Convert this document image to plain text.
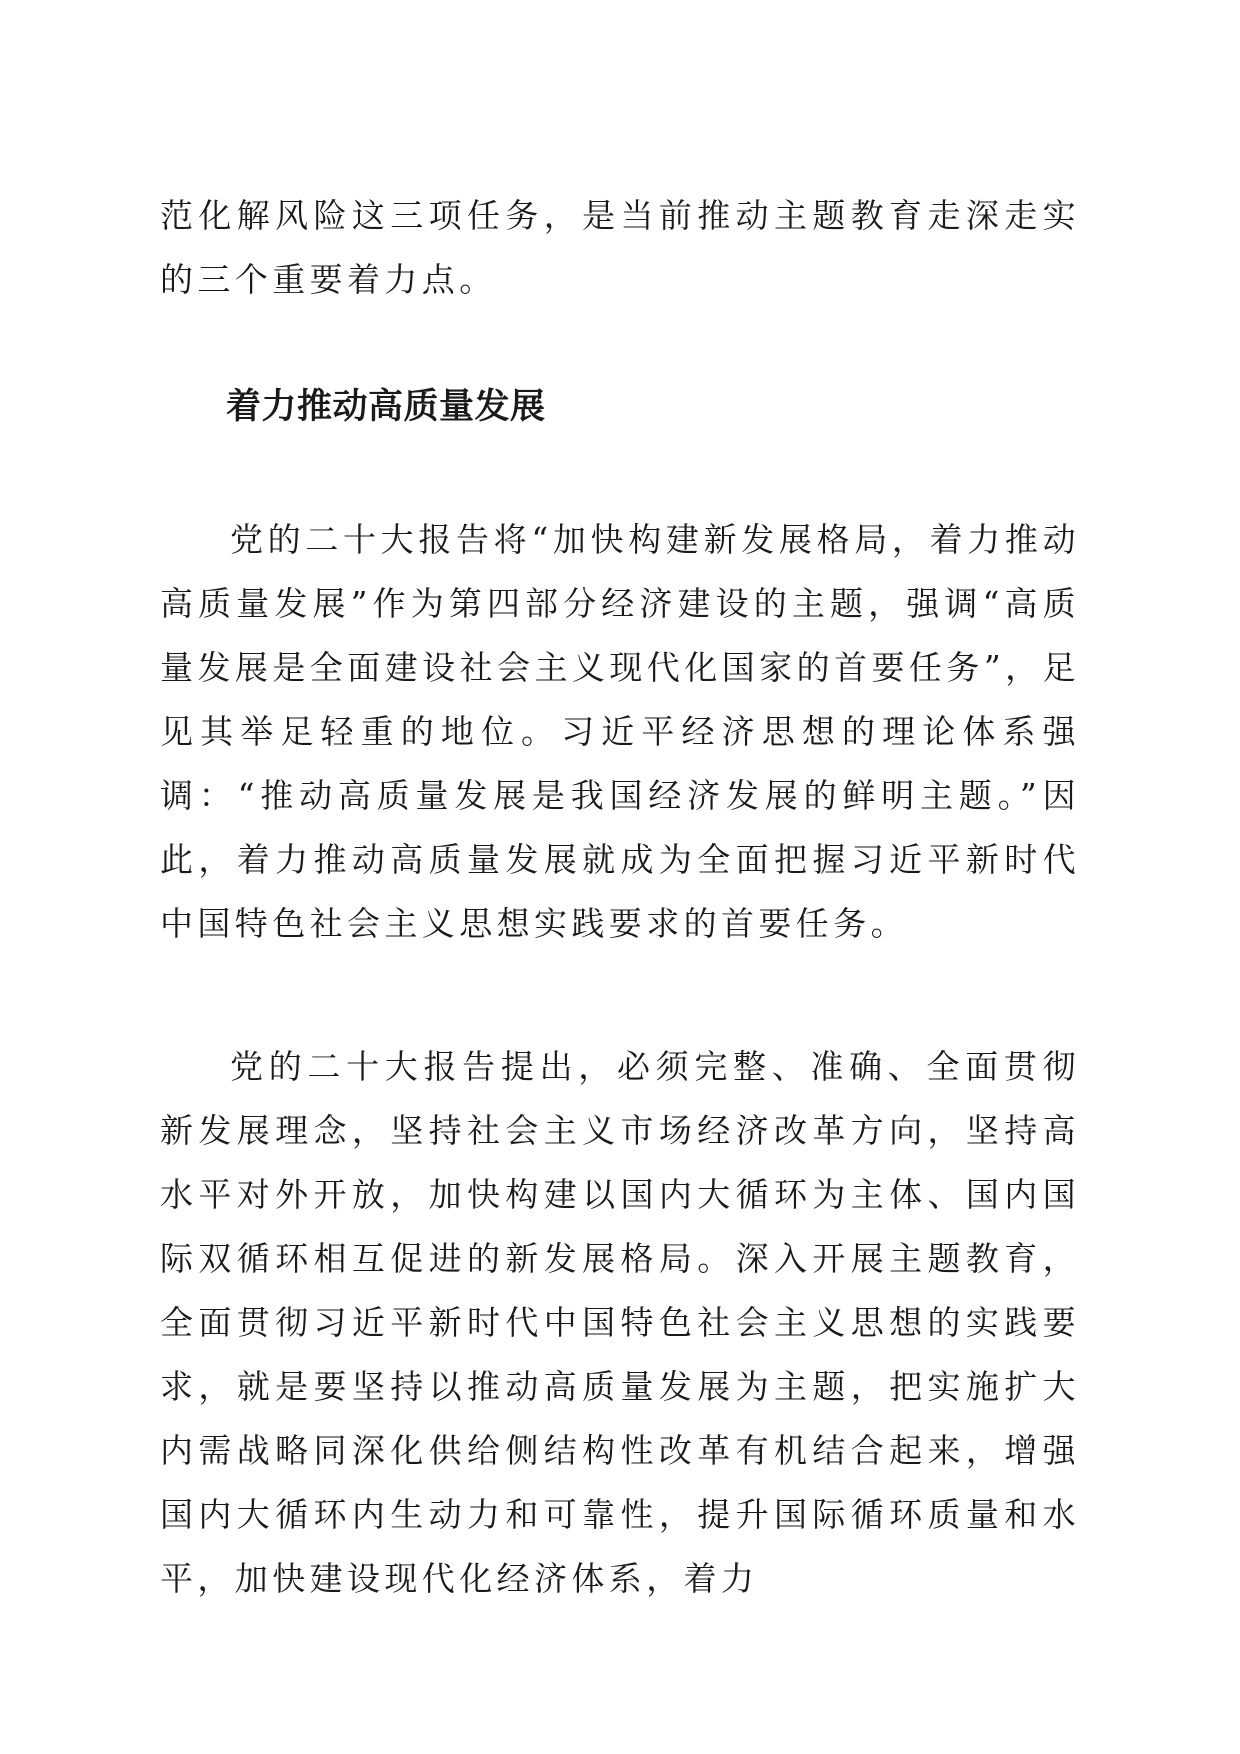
范化解风险这三项任务，是当前推动主题教育走深走实的三个重要着力点。

着力推动高质量发展

党的二十大报告将“加快构建新发展格局，着力推动高质量发展”作为第四部分经济建设的主题，强调“高质量发展是全面建设社会主义现代化国家的首要任务”，足见其举足轻重的地位。习近平经济思想的理论体系强调：“推动高质量发展是我国经济发展的鲜明主题。”因此，着力推动高质量发展就成为全面把握习近平新时代中国特色社会主义思想实践要求的首要任务。

党的二十大报告提出，必须完整、准确、全面贯彻新发展理念，坚持社会主义市场经济改革方向，坚持高水平对外开放，加快构建以国内大循环为主体、国内国际双循环相互促进的新发展格局。深入开展主题教育，全面贯彻习近平新时代中国特色社会主义思想的实践要求，就是要坚持以推动高质量发展为主题，把实施扩大内需战略同深化供给侧结构性改革有机结合起来，增强国内大循环内生动力和可靠性，提升国际循环质量和水平，加快建设现代化经济体系，着力
